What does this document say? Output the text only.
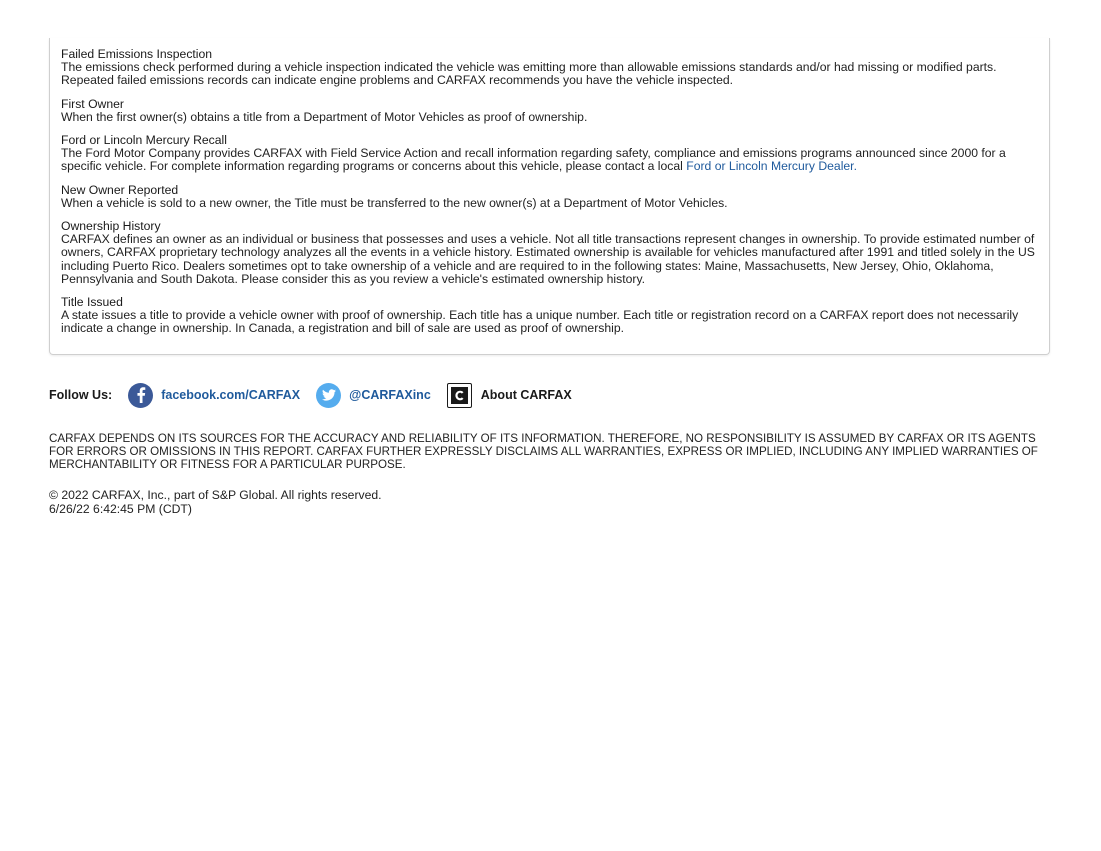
Failed Emissions Inspection
The emissions check performed during a vehicle inspection indicated the vehicle was emitting more than allowable emissions standards and/or had missing or modified parts. Repeated failed emissions records can indicate engine problems and CARFAX recommends you have the vehicle inspected.
First Owner
When the first owner(s) obtains a title from a Department of Motor Vehicles as proof of ownership.
Ford or Lincoln Mercury Recall
The Ford Motor Company provides CARFAX with Field Service Action and recall information regarding safety, compliance and emissions programs announced since 2000 for a specific vehicle. For complete information regarding programs or concerns about this vehicle, please contact a local Ford or Lincoln Mercury Dealer.
New Owner Reported
When a vehicle is sold to a new owner, the Title must be transferred to the new owner(s) at a Department of Motor Vehicles.
Ownership History
CARFAX defines an owner as an individual or business that possesses and uses a vehicle. Not all title transactions represent changes in ownership. To provide estimated number of owners, CARFAX proprietary technology analyzes all the events in a vehicle history. Estimated ownership is available for vehicles manufactured after 1991 and titled solely in the US including Puerto Rico. Dealers sometimes opt to take ownership of a vehicle and are required to in the following states: Maine, Massachusetts, New Jersey, Ohio, Oklahoma, Pennsylvania and South Dakota. Please consider this as you review a vehicle's estimated ownership history.
Title Issued
A state issues a title to provide a vehicle owner with proof of ownership. Each title has a unique number. Each title or registration record on a CARFAX report does not necessarily indicate a change in ownership. In Canada, a registration and bill of sale are used as proof of ownership.
Follow Us:	facebook.com/CARFAX	@CARFAXinc	About CARFAX

CARFAX DEPENDS ON ITS SOURCES FOR THE ACCURACY AND RELIABILITY OF ITS INFORMATION. THEREFORE, NO RESPONSIBILITY IS ASSUMED BY CARFAX OR ITS AGENTS FOR ERRORS OR OMISSIONS IN THIS REPORT. CARFAX FURTHER EXPRESSLY DISCLAIMS ALL WARRANTIES, EXPRESS OR IMPLIED, INCLUDING ANY IMPLIED WARRANTIES OF MERCHANTABILITY OR FITNESS FOR A PARTICULAR PURPOSE.

© 2022 CARFAX, Inc., part of S&P Global. All rights reserved.
6/26/22 6:42:45 PM (CDT)
